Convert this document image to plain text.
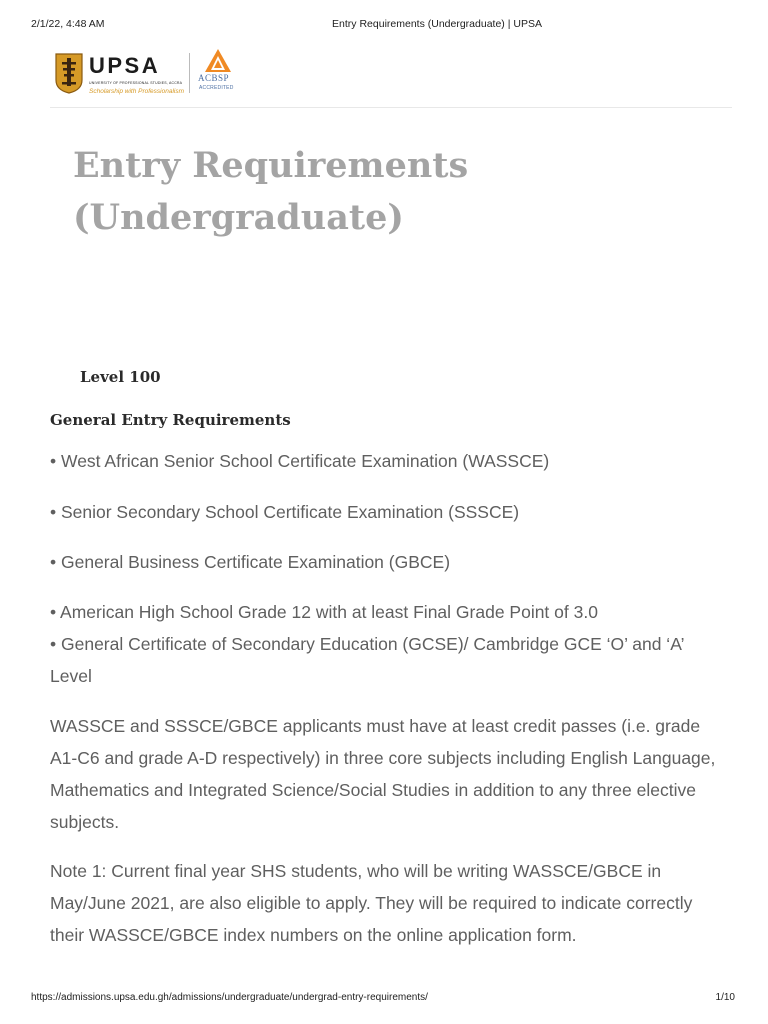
2/1/22, 4:48 AM	Entry Requirements (Undergraduate) | UPSA
UPSA
UNIVERSITY OF PROFESSIONAL STUDIES, ACCRA
Scholarship with Professionalism
ACBSP
ACCREDITED
Entry Requirements
(Undergraduate)
Level 100
General Entry Requirements
• West African Senior School Certificate Examination (WASSCE)
• Senior Secondary School Certificate Examination (SSSCE)
• General Business Certificate Examination (GBCE)
• American High School Grade 12 with at least Final Grade Point of 3.0
• General Certificate of Secondary Education (GCSE)/ Cambridge GCE ‘O’ and ‘A’ Level
WASSCE and SSSCE/GBCE applicants must have at least credit passes (i.e. grade A1-C6 and grade A-D respectively) in three core subjects including English Language, Mathematics and Integrated Science/Social Studies in addition to any three elective subjects.
Note 1: Current final year SHS students, who will be writing WASSCE/GBCE in May/June 2021, are also eligible to apply. They will be required to indicate correctly their WASSCE/GBCE index numbers on the online application form.
https://admissions.upsa.edu.gh/admissions/undergraduate/undergrad-entry-requirements/	1/10
